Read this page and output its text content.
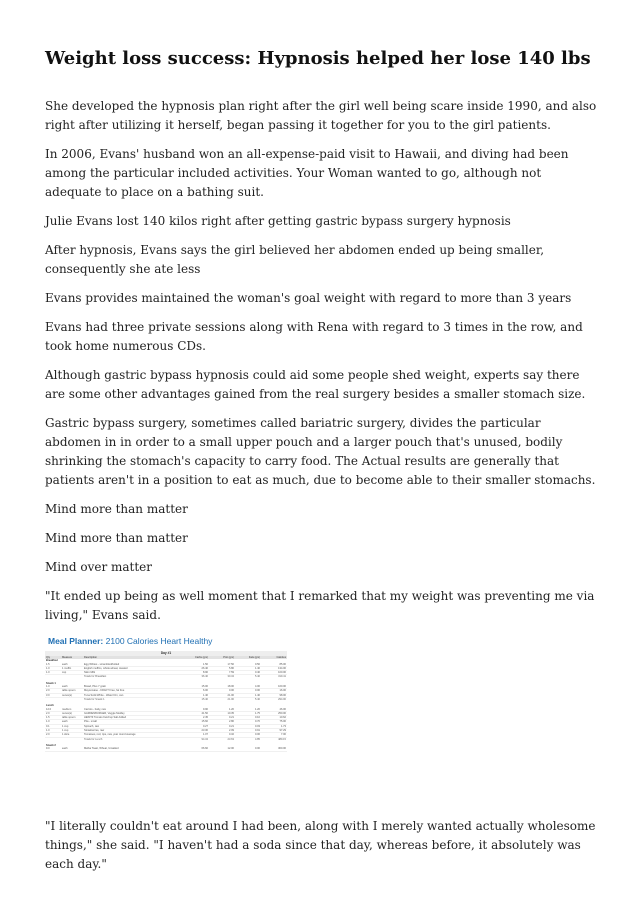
Weight loss success: Hypnosis helped her lose 140 lbs

She developed the hypnosis plan right after the girl well being scare inside 1990, and also right after utilizing it herself, began passing it together for you to the girl patients.

In 2006, Evans' husband won an all-expense-paid visit to Hawaii, and diving had been among the particular included activities. Your Woman wanted to go, although not adequate to place on a bathing suit.

Julie Evans lost 140 kilos right after getting gastric bypass surgery hypnosis

After hypnosis, Evans says the girl believed her abdomen ended up being smaller, consequently she ate less

Evans provides maintained the woman's goal weight with regard to more than 3 years

Evans had three private sessions along with Rena with regard to 3 times in the row, and took home numerous CDs.

Although gastric bypass hypnosis could aid some people shed weight, experts say there are some other advantages gained from the real surgery besides a smaller stomach size.

Gastric bypass surgery, sometimes called bariatric surgery, divides the particular abdomen in in order to a small upper pouch and a larger pouch that's unused, bodily shrinking the stomach's capacity to carry food. The Actual results are generally that patients aren't in a position to eat as much, due to become able to their smaller stomachs.

Mind more than matter

Mind more than matter

Mind over matter

"It ended up being as well moment that I remarked that my weight was preventing me via living," Evans said.

Meal Planner: 2100 Calories Heart Healthy
Day #1						
Qty	Measure	Description	Carbs (gm)	Prot (gm)	Fats (gm)	Calories
Breakfast						
1.5	each	Egg Whites - scrambled/boiled	1.50	17.50	0.50	85.00
1.0	1 muffin	English muffins, whole-wheat, toasted	26.40	5.80	1.40	134.00
1.0	cup	Skim Milk	8.90	7.59	0.40	100.00
		Totals for Breakfast	36.40	30.34	5.40	319.41

Snack 1						
1.0	each	Bread, Plus 7 grain	15.00	18.00	4.00	160.00
2.0	table spoon	Mayonnaise - KRAFT Free, fat free	6.00	0.00	0.00	16.00
3.0	ounce(s)	Tuna Solid White - Water Drn, can	1.40	21.00	1.40	98.00
		Totals for Snack 1	15.40	21.00	5.40	294.00

Lunch						
12.0	medium	Carrots - baby, raw	9.90	1.20	1.20	46.00
2.0	ounce(s)	GARDENBURGER, Veggie Medley	41.50	10.35	1.75	250.00
1.5	table spoon	HEINTZ Tomato Ketchup Salt Added	2.45	0.21	0.10	10.62
1.0	each	Pita - small	15.60	2.80	0.70	75.00
0.1	1 cup	Spinach, raw	0.27	0.21	0.03	1.73
1.0	1 cup	Strawberries, raw	23.30	2.09	0.91	97.29
2.0	1 slice	Tomatoes, red, ripe, raw, year round average	1.07	0.32	0.06	7.00
		Totals for Lunch	94.34	23.63	4.85	489.15

Snack 2						
9.0	each	Melba Toast, Wheat, Unsalted	66.60	12.00	0.00	300.00

"I literally couldn't eat around I had been, along with I merely wanted actually wholesome things," she said. "I haven't had a soda since that day, whereas before, it absolutely was each day."
